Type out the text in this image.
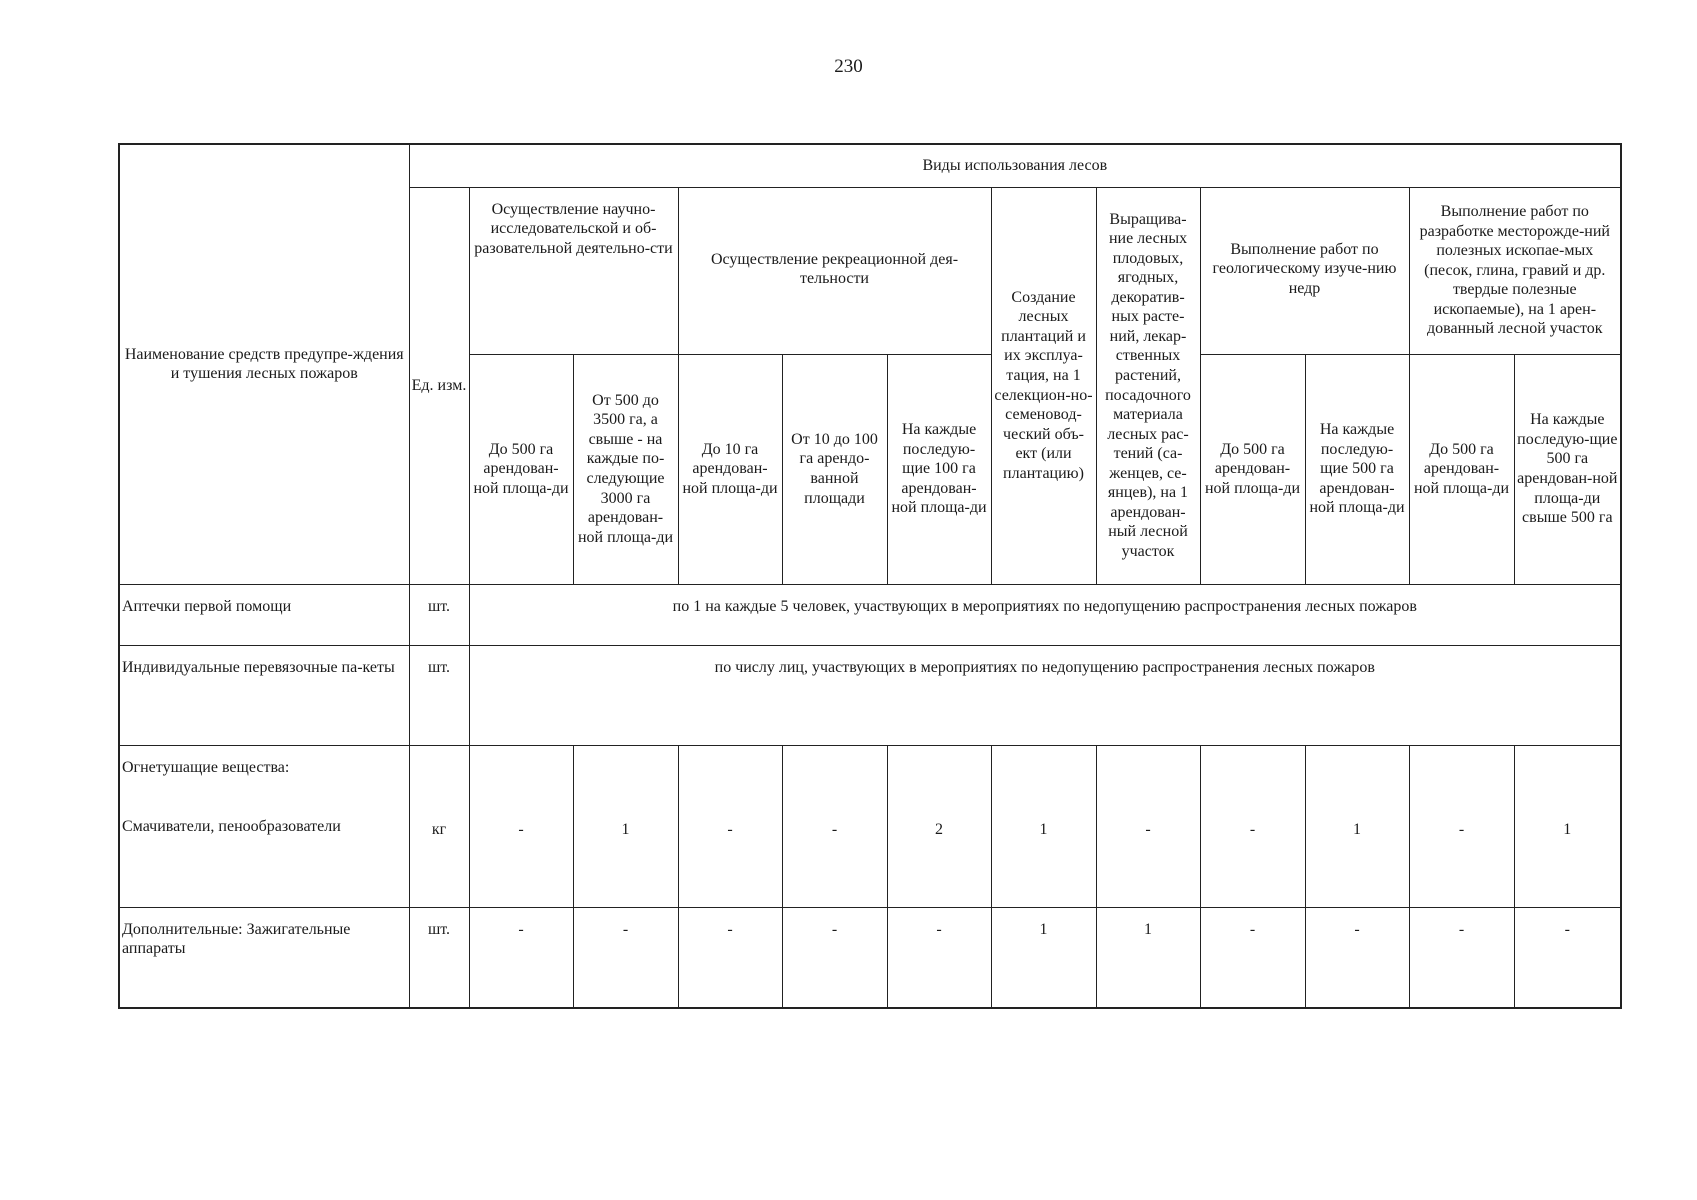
230
Наименование средств предупре-ждения и тушения лесных пожаров	Виды использования лесов											
	Ед. изм.	Осуществление научно-исследовательской и об-разовательной деятельно-сти		Осуществление рекреационной дея-тельности			Создание лесных плантаций и их эксплуа-тация, на 1 селекцион-но-семеновод-ческий объ-ект (или плантацию)	Выращива-ние лесных плодовых, ягодных, декоратив-ных расте-ний, лекар-ственных растений, посадочного материала лесных рас-тений (са-женцев, се-янцев), на 1 арендован-ный лесной участок	Выполнение работ по геологическому изуче-нию недр		Выполнение работ по разработке месторожде-ний полезных ископае-мых (песок, глина, гравий и др. твердые полезные ископаемые), на 1 арен-дованный лесной участок	
		До 500 га арендован-ной площа-ди	От 500 до 3500 га, а свыше - на каждые по-следующие 3000 га арендован-ной площа-ди	До 10 га арендован-ной площа-ди	От 10 до 100 га арендо-ванной площади	На каждые последую-щие 100 га арендован-ной площа-ди			До 500 га арендован-ной площа-ди	На каждые последую-щие 500 га арендован-ной площа-ди	До 500 га арендован-ной площа-ди	На каждые последую-щие 500 га арендован-ной площа-ди свыше 500 га
Аптечки первой помощи	шт.	по 1 на каждые 5 человек, участвующих в мероприятиях по недопущению распространения лесных пожаров										
Индивидуальные перевязочные па-кеты	шт.	по числу лиц, участвующих в мероприятиях по недопущению распространения лесных пожаров										

Огнетушащие вещества:
Смачиватели, пенообразователи	кг	-	1	-	-	2	1	-	-	1	-	1
Дополнительные: Зажигательные аппараты	шт.	-	-	-	-	-	1	1	-	-	-	-
